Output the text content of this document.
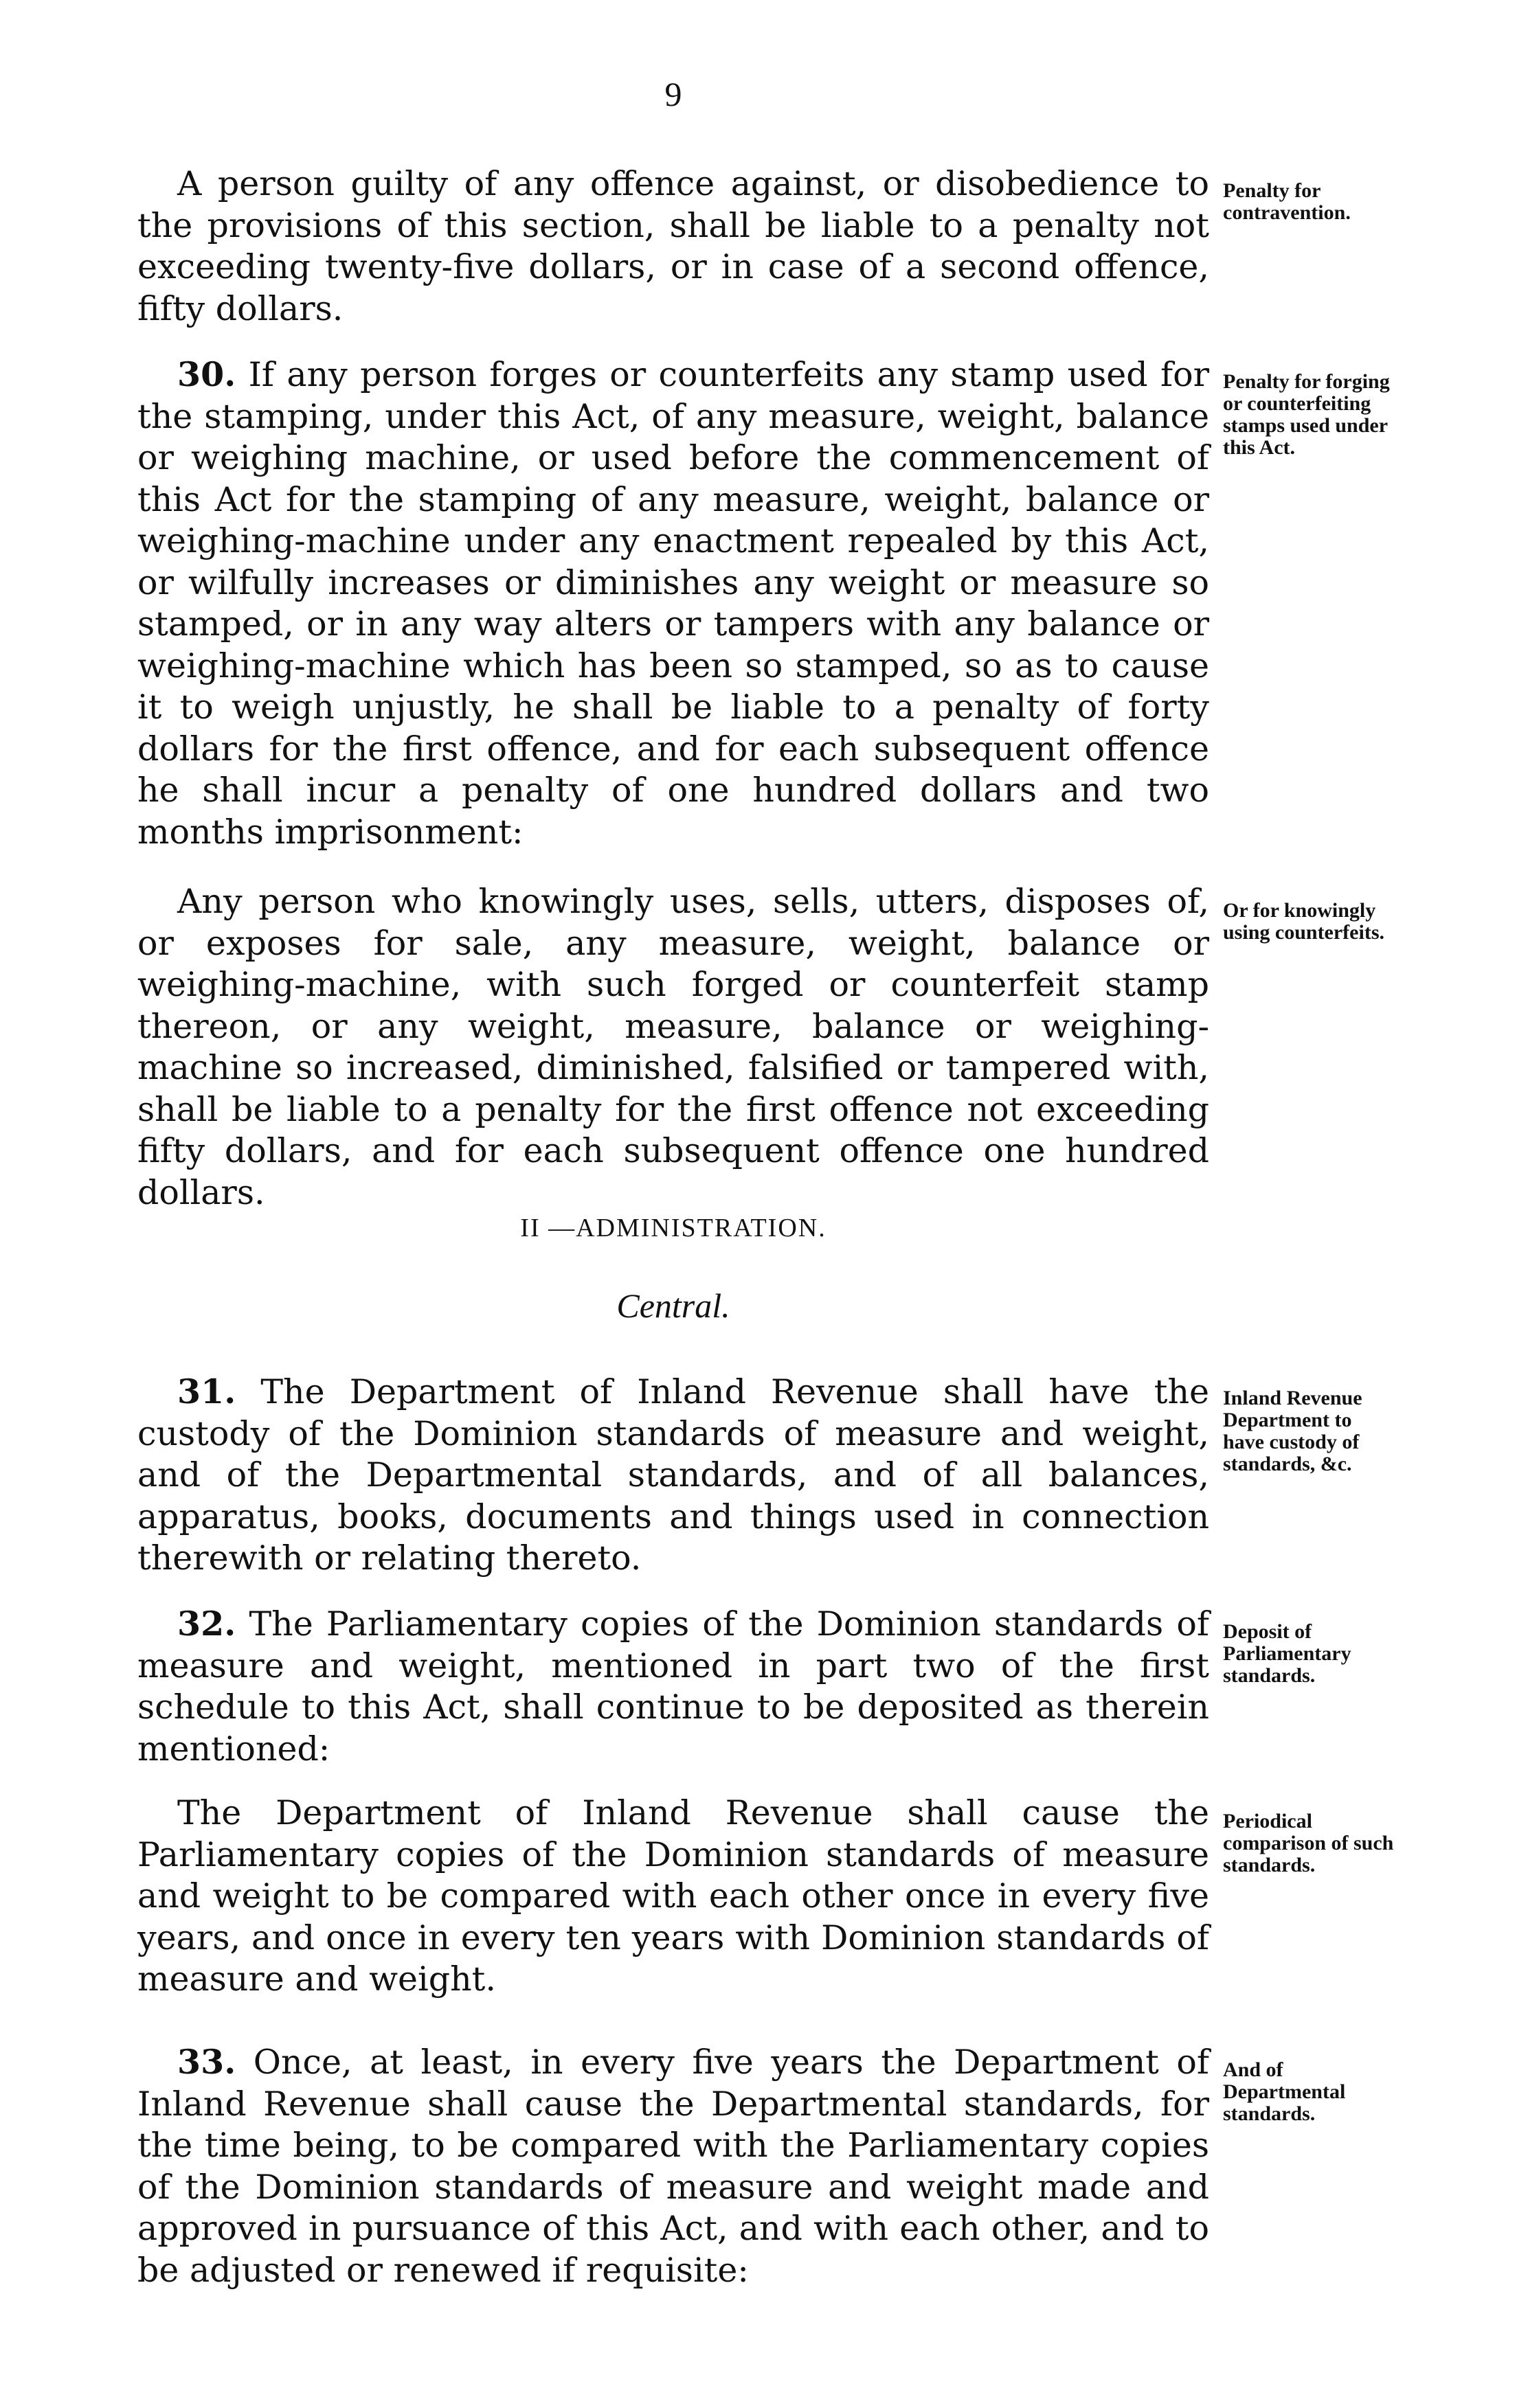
9

A person guilty of any offence against, or disobedience to the provisions of this section, shall be liable to a penalty not exceeding twenty-five dollars, or in case of a second offence, fifty dollars.

Penalty for contravention.

30. If any person forges or counterfeits any stamp used for the stamping, under this Act, of any measure, weight, balance or weighing machine, or used before the commencement of this Act for the stamping of any measure, weight, balance or weighing-machine under any enactment repealed by this Act, or wilfully increases or diminishes any weight or measure so stamped, or in any way alters or tampers with any balance or weighing-machine which has been so stamped, so as to cause it to weigh unjustly, he shall be liable to a penalty of forty dollars for the first offence, and for each subsequent offence he shall incur a penalty of one hundred dollars and two months imprisonment:

Penalty for forging or counterfeiting stamps used under this Act.

Any person who knowingly uses, sells, utters, disposes of, or exposes for sale, any measure, weight, balance or weighing-machine, with such forged or counterfeit stamp thereon, or any weight, measure, balance or weighing-machine so increased, diminished, falsified or tampered with, shall be liable to a penalty for the first offence not exceeding fifty dollars, and for each subsequent offence one hundred dollars.

Or for knowingly using counterfeits.
II —ADMINISTRATION.
Central.

31. The Department of Inland Revenue shall have the custody of the Dominion standards of measure and weight, and of the Departmental standards, and of all balances, apparatus, books, documents and things used in connection therewith or relating thereto.

Inland Revenue Department to have custody of standards, &c.

32. The Parliamentary copies of the Dominion standards of measure and weight, mentioned in part two of the first schedule to this Act, shall continue to be deposited as therein mentioned:

Deposit of Parliamentary standards.

The Department of Inland Revenue shall cause the Parliamentary copies of the Dominion standards of measure and weight to be compared with each other once in every five years, and once in every ten years with Dominion standards of measure and weight.

Periodical comparison of such standards.

33. Once, at least, in every five years the Department of Inland Revenue shall cause the Departmental standards, for the time being, to be compared with the Parliamentary copies of the Dominion standards of measure and weight made and approved in pursuance of this Act, and with each other, and to be adjusted or renewed if requisite:

And of Departmental standards.
